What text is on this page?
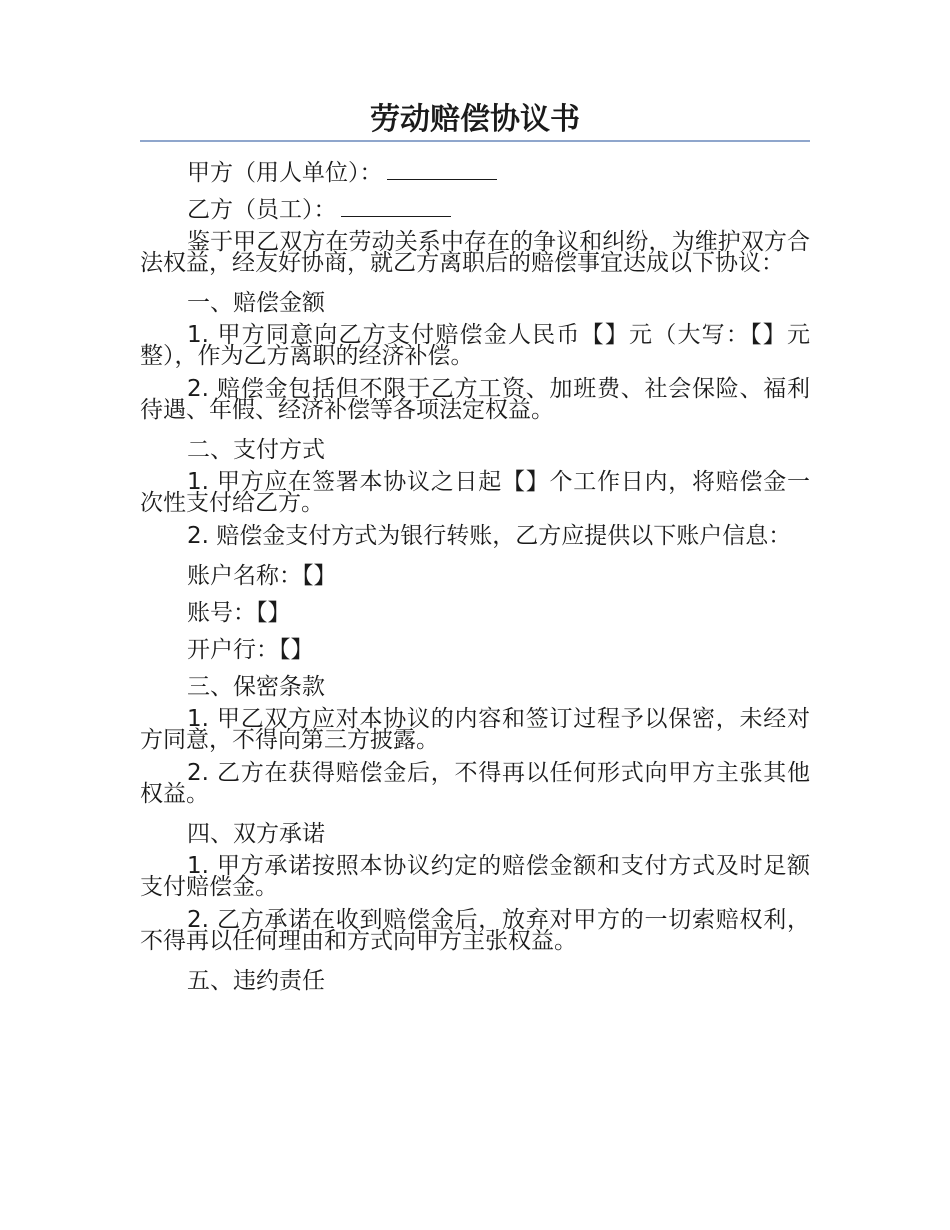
劳动赔偿协议书

甲方（用人单位）：

乙方（员工）：

鉴于甲乙双方在劳动关系中存在的争议和纠纷，为维护双方合法权益，经友好协商，就乙方离职后的赔偿事宜达成以下协议：

一、赔偿金额

1. 甲方同意向乙方支付赔偿金人民币【】元（大写：【】元整），作为乙方离职的经济补偿。

2. 赔偿金包括但不限于乙方工资、加班费、社会保险、福利待遇、年假、经济补偿等各项法定权益。

二、支付方式

1. 甲方应在签署本协议之日起【】个工作日内，将赔偿金一次性支付给乙方。

2. 赔偿金支付方式为银行转账，乙方应提供以下账户信息：

账户名称：【】

账号：【】

开户行：【】

三、保密条款

1. 甲乙双方应对本协议的内容和签订过程予以保密，未经对方同意，不得向第三方披露。

2. 乙方在获得赔偿金后，不得再以任何形式向甲方主张其他权益。

四、双方承诺

1. 甲方承诺按照本协议约定的赔偿金额和支付方式及时足额支付赔偿金。

2. 乙方承诺在收到赔偿金后，放弃对甲方的一切索赔权利，不得再以任何理由和方式向甲方主张权益。

五、违约责任
